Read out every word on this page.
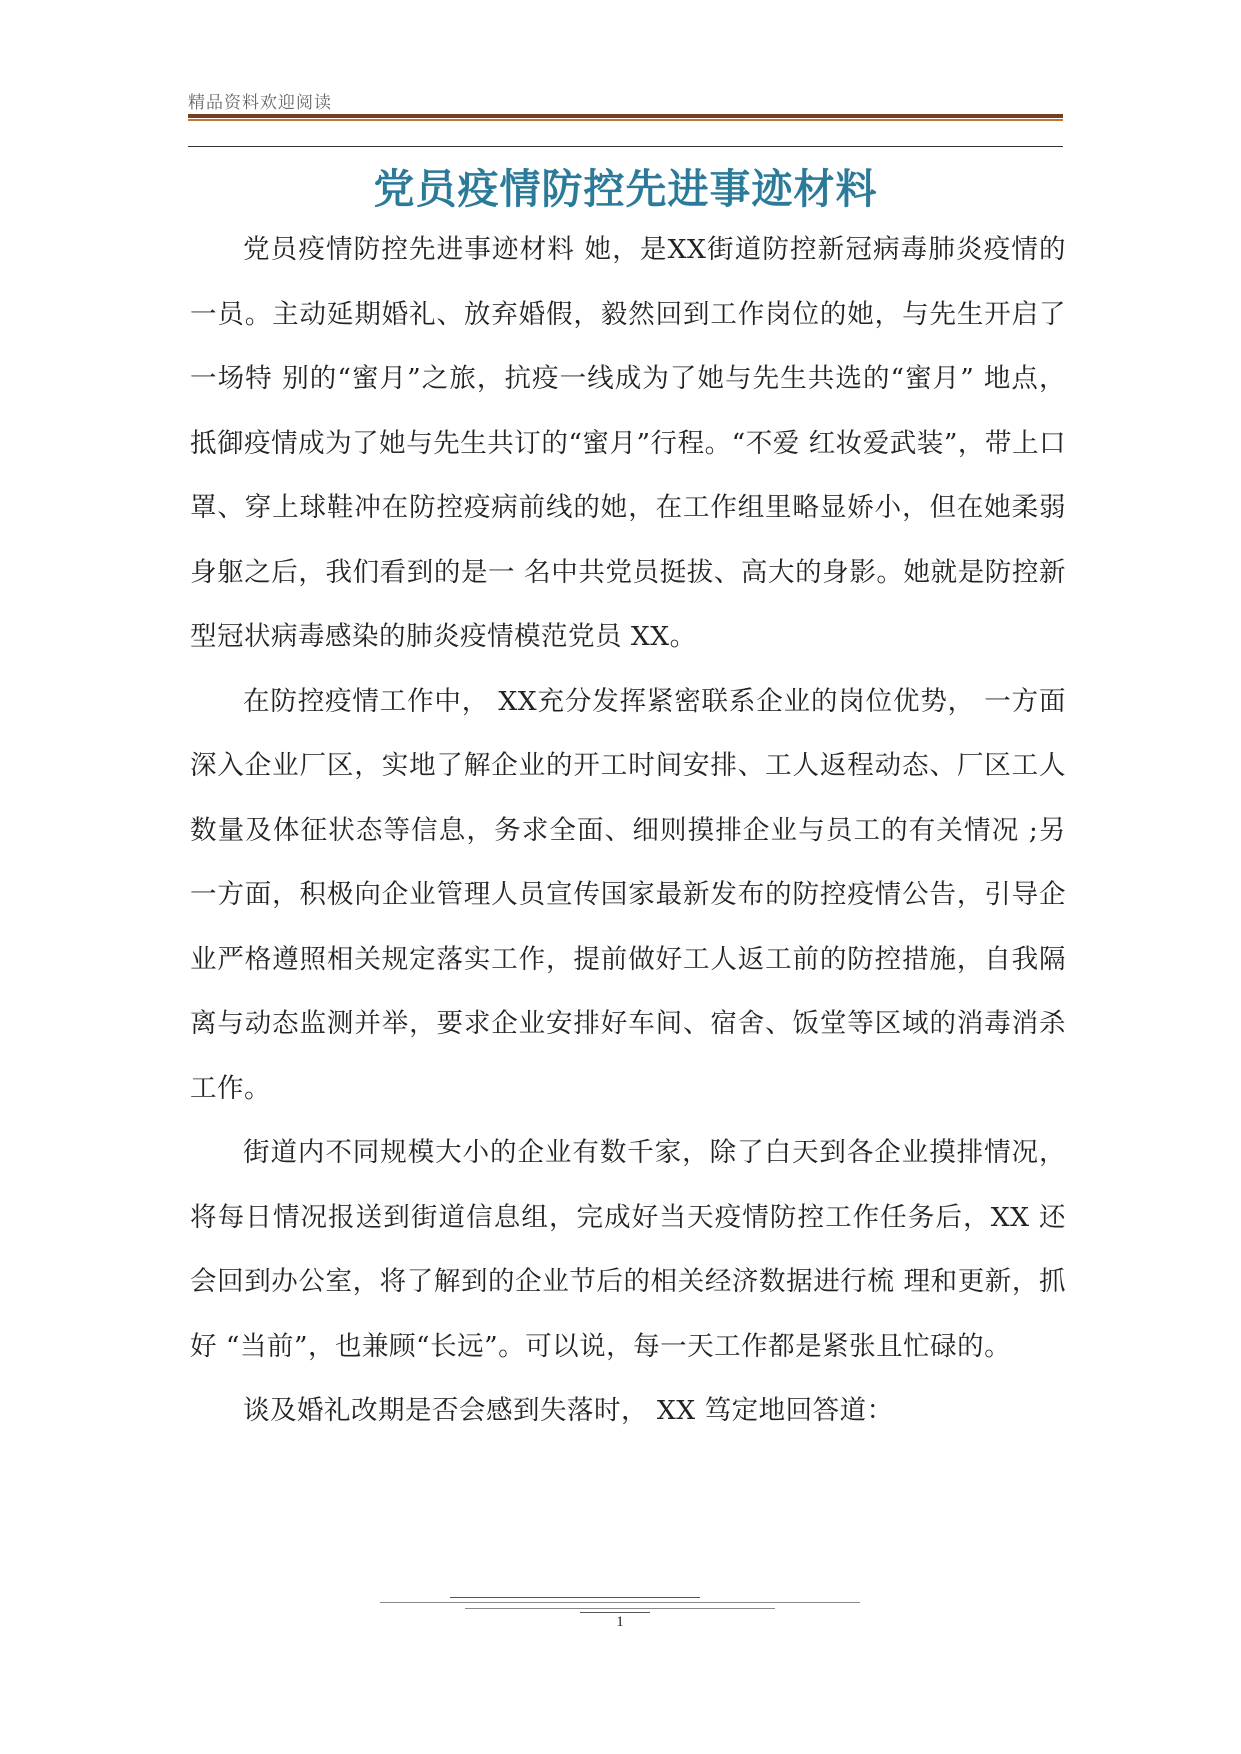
精品资料欢迎阅读
党员疫情防控先进事迹材料

党员疫情防控先进事迹材料 她，是XX街道防控新冠病毒肺炎疫情的一员。主动延期婚礼、放弃婚假，毅然回到工作岗位的她，与先生开启了一场特 别的“蜜月”之旅，抗疫一线成为了她与先生共选的“蜜月” 地点，抵御疫情成为了她与先生共订的“蜜月”行程。“不爱 红妆爱武装”，带上口罩、穿上球鞋冲在防控疫病前线的她，在工作组里略显娇小，但在她柔弱身躯之后，我们看到的是一 名中共党员挺拔、高大的身影。她就是防控新型冠状病毒感染的肺炎疫情模范党员 XX。

在防控疫情工作中， XX充分发挥紧密联系企业的岗位优势， 一方面深入企业厂区，实地了解企业的开工时间安排、工人返程动态、厂区工人数量及体征状态等信息，务求全面、细则摸排企业与员工的有关情况 ;另一方面，积极向企业管理人员宣传国家最新发布的防控疫情公告，引导企业严格遵照相关规定落实工作，提前做好工人返工前的防控措施，自我隔离与动态监测并举，要求企业安排好车间、宿舍、饭堂等区域的消毒消杀工作。

街道内不同规模大小的企业有数千家，除了白天到各企业摸排情况，将每日情况报送到街道信息组，完成好当天疫情防控工作任务后，XX 还会回到办公室，将了解到的企业节后的相关经济数据进行梳 理和更新，抓好 “当前”，也兼顾“长远”。可以说，每一天工作都是紧张且忙碌的。

谈及婚礼改期是否会感到失落时， XX 笃定地回答道：

1
